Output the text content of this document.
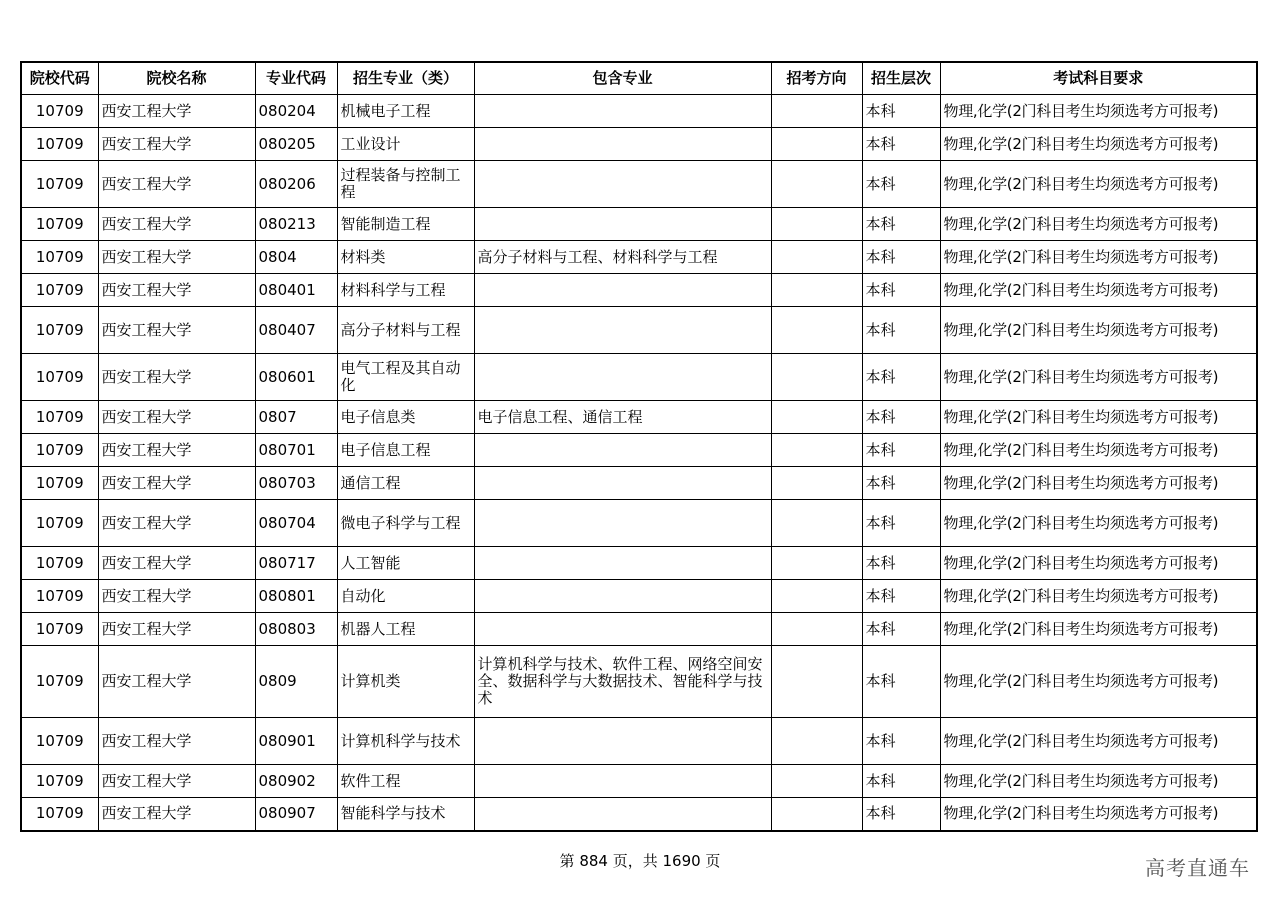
院校代码	院校名称	专业代码	招生专业（类）	包含专业	招考方向	招生层次	考试科目要求
10709	西安工程大学	080204	机械电子工程			本科	物理,化学(2门科目考生均须选考方可报考)
10709	西安工程大学	080205	工业设计			本科	物理,化学(2门科目考生均须选考方可报考)
10709	西安工程大学	080206	过程装备与控制工程			本科	物理,化学(2门科目考生均须选考方可报考)
10709	西安工程大学	080213	智能制造工程			本科	物理,化学(2门科目考生均须选考方可报考)
10709	西安工程大学	0804	材料类	高分子材料与工程、材料科学与工程		本科	物理,化学(2门科目考生均须选考方可报考)
10709	西安工程大学	080401	材料科学与工程			本科	物理,化学(2门科目考生均须选考方可报考)
10709	西安工程大学	080407	高分子材料与工程			本科	物理,化学(2门科目考生均须选考方可报考)
10709	西安工程大学	080601	电气工程及其自动化			本科	物理,化学(2门科目考生均须选考方可报考)
10709	西安工程大学	0807	电子信息类	电子信息工程、通信工程		本科	物理,化学(2门科目考生均须选考方可报考)
10709	西安工程大学	080701	电子信息工程			本科	物理,化学(2门科目考生均须选考方可报考)
10709	西安工程大学	080703	通信工程			本科	物理,化学(2门科目考生均须选考方可报考)
10709	西安工程大学	080704	微电子科学与工程			本科	物理,化学(2门科目考生均须选考方可报考)
10709	西安工程大学	080717	人工智能			本科	物理,化学(2门科目考生均须选考方可报考)
10709	西安工程大学	080801	自动化			本科	物理,化学(2门科目考生均须选考方可报考)
10709	西安工程大学	080803	机器人工程			本科	物理,化学(2门科目考生均须选考方可报考)
10709	西安工程大学	0809	计算机类	计算机科学与技术、软件工程、网络空间安全、数据科学与大数据技术、智能科学与技术		本科	物理,化学(2门科目考生均须选考方可报考)
10709	西安工程大学	080901	计算机科学与技术			本科	物理,化学(2门科目考生均须选考方可报考)
10709	西安工程大学	080902	软件工程			本科	物理,化学(2门科目考生均须选考方可报考)
10709	西安工程大学	080907	智能科学与技术			本科	物理,化学(2门科目考生均须选考方可报考)
第 884 页，共 1690 页	高考直通车
